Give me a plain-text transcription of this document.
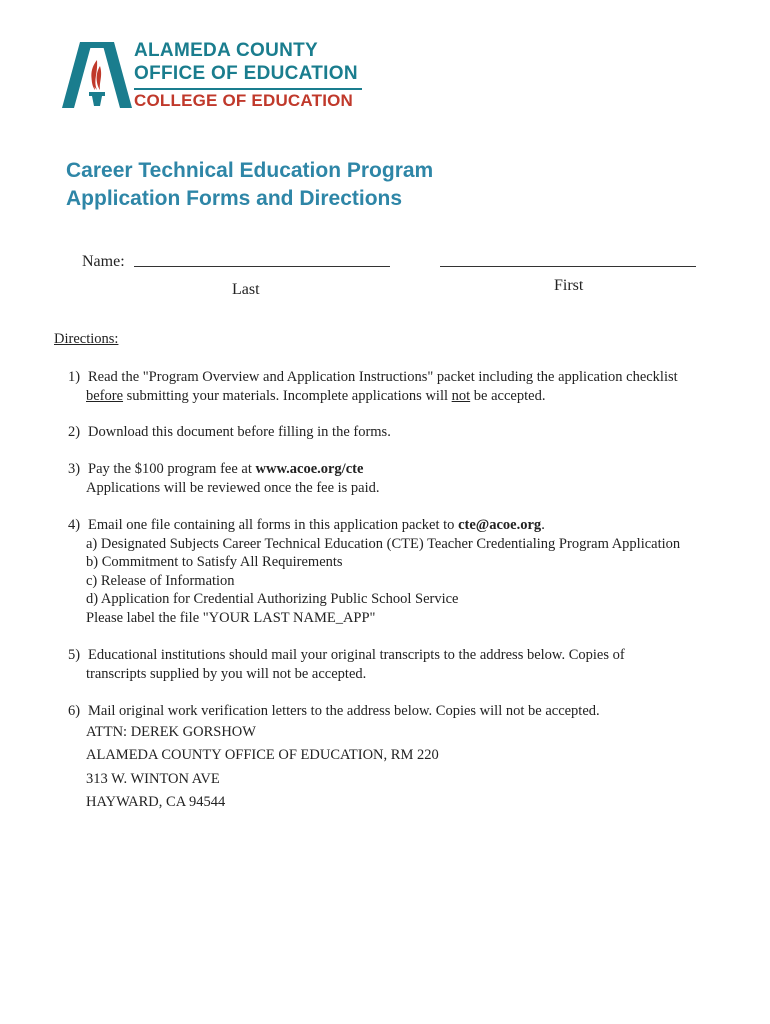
ALAMEDA COUNTY
OFFICE OF EDUCATION
COLLEGE OF EDUCATION
Career Technical Education Program
Application Forms and Directions
Name:
Last	First
Directions:
1) Read the "Program Overview and Application Instructions" packet including the application checklist
before submitting your materials. Incomplete applications will not be accepted.
2) Download this document before filling in the forms.
3) Pay the $100 program fee at www.acoe.org/cte
Applications will be reviewed once the fee is paid.
4) Email one file containing all forms in this application packet to cte@acoe.org.
a) Designated Subjects Career Technical Education (CTE) Teacher Credentialing Program Application
b) Commitment to Satisfy All Requirements
c) Release of Information
d) Application for Credential Authorizing Public School Service
Please label the file "YOUR LAST NAME_APP"
5) Educational institutions should mail your original transcripts to the address below. Copies of
transcripts supplied by you will not be accepted.
6) Mail original work verification letters to the address below. Copies will not be accepted.
ATTN: DEREK GORSHOW
ALAMEDA COUNTY OFFICE OF EDUCATION, RM 220
313 W. WINTON AVE
HAYWARD, CA 94544
